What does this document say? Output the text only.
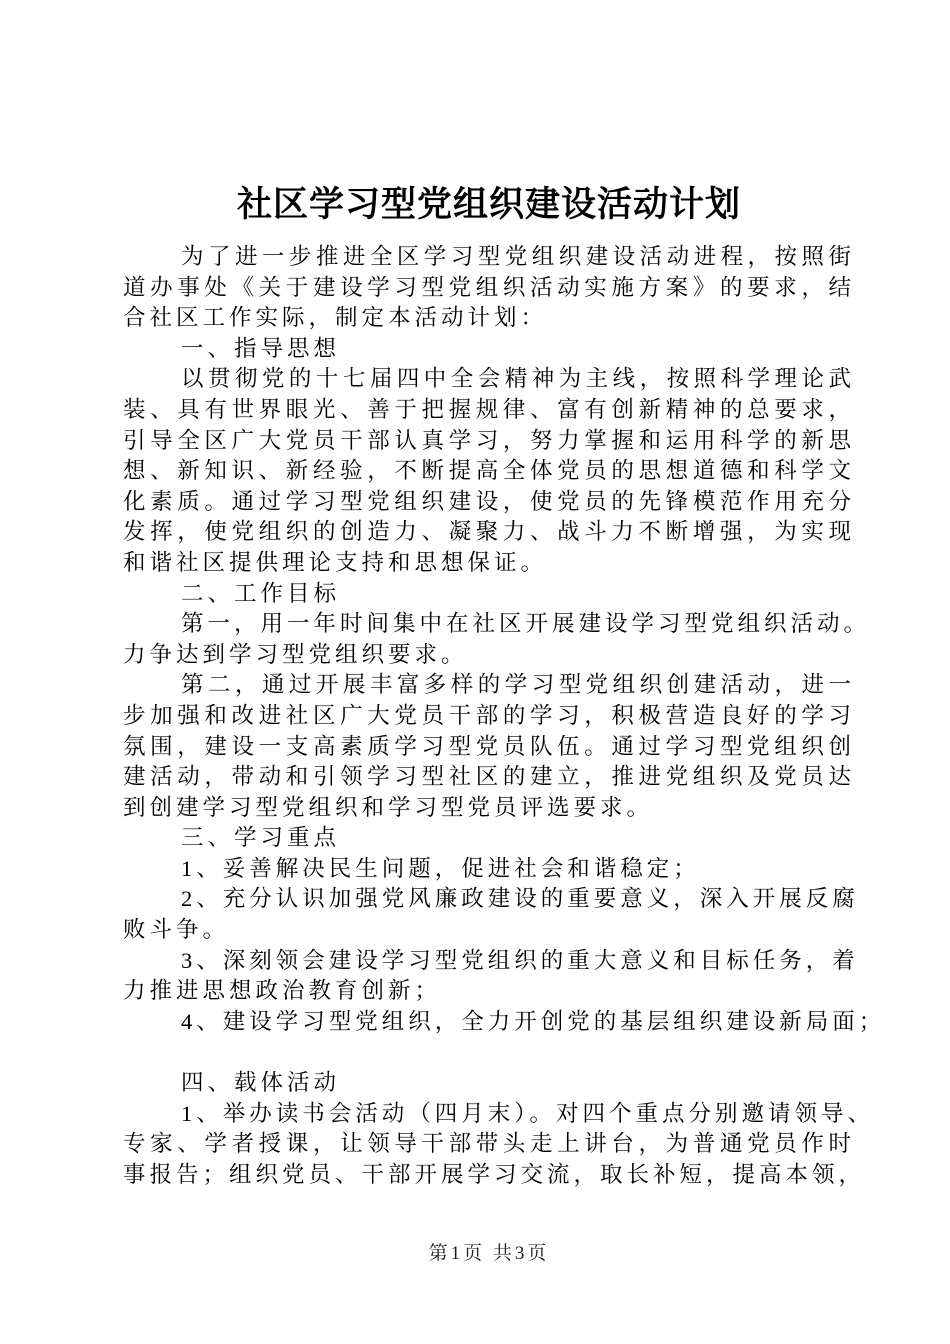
社区学习型党组织建设活动计划
为了进一步推进全区学习型党组织建设活动进程，按照街
道办事处《关于建设学习型党组织活动实施方案》的要求，结
合社区工作实际，制定本活动计划：
一、指导思想
以贯彻党的十七届四中全会精神为主线，按照科学理论武
装、具有世界眼光、善于把握规律、富有创新精神的总要求，
引导全区广大党员干部认真学习，努力掌握和运用科学的新思
想、新知识、新经验，不断提高全体党员的思想道德和科学文
化素质。通过学习型党组织建设，使党员的先锋模范作用充分
发挥，使党组织的创造力、凝聚力、战斗力不断增强，为实现
和谐社区提供理论支持和思想保证。
二、工作目标
第一，用一年时间集中在社区开展建设学习型党组织活动。
力争达到学习型党组织要求。
第二，通过开展丰富多样的学习型党组织创建活动，进一
步加强和改进社区广大党员干部的学习，积极营造良好的学习
氛围，建设一支高素质学习型党员队伍。通过学习型党组织创
建活动，带动和引领学习型社区的建立，推进党组织及党员达
到创建学习型党组织和学习型党员评选要求。
三、学习重点
1、妥善解决民生问题，促进社会和谐稳定；
2、充分认识加强党风廉政建设的重要意义，深入开展反腐
败斗争。
3、深刻领会建设学习型党组织的重大意义和目标任务，着
力推进思想政治教育创新；
4、建设学习型党组织，全力开创党的基层组织建设新局面；
四、载体活动
1、举办读书会活动（四月末）。对四个重点分别邀请领导、
专家、学者授课，让领导干部带头走上讲台，为普通党员作时
事报告；组织党员、干部开展学习交流，取长补短，提高本领，
第1页 共3页
